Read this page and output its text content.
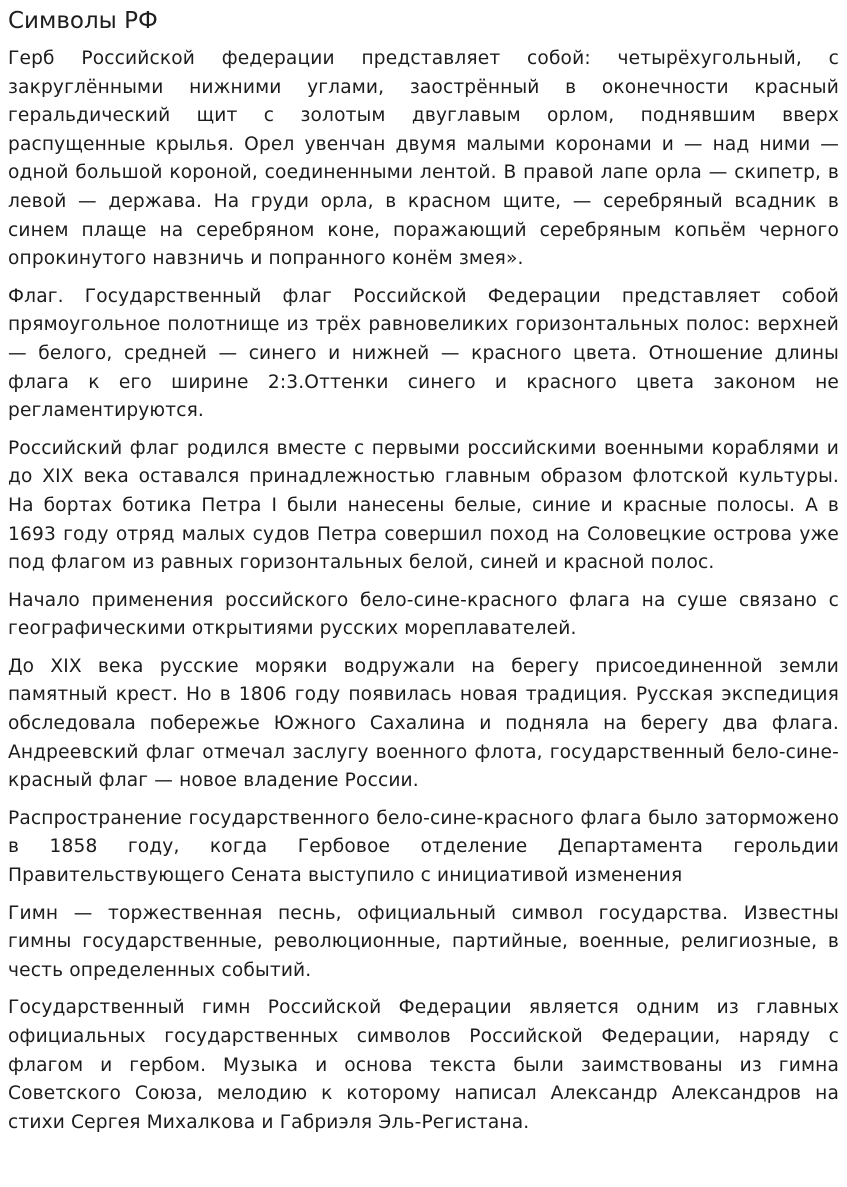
Символы РФ

Герб Российской федерации представляет собой: четырёхугольный, с закруглёнными нижними углами, заострённый в оконечности красный геральдический щит с золотым двуглавым орлом, поднявшим вверх распущенные крылья. Орел увенчан двумя малыми коронами и — над ними — одной большой короной, соединенными лентой. В правой лапе орла — скипетр, в левой — держава. На груди орла, в красном щите, — серебряный всадник в синем плаще на серебряном коне, поражающий серебряным копьём черного опрокинутого навзничь и попранного конём змея».

Флаг. Государственный флаг Российской Федерации представляет собой прямоугольное полотнище из трёх равновеликих горизонтальных полос: верхней — белого, средней — синего и нижней — красного цвета. Отношение длины флага к его ширине 2:3.Оттенки синего и красного цвета законом не регламентируются.

Российский флаг родился вместе с первыми российскими военными кораблями и до XIX века оставался принадлежностью главным образом флотской культуры. На бортах ботика Петра I были нанесены белые, синие и красные полосы. А в 1693 году отряд малых судов Петра совершил поход на Соловецкие острова уже под флагом из равных горизонтальных белой, синей и красной полос.

Начало применения российского бело-сине-красного флага на суше связано с географическими открытиями русских мореплавателей.

До XIX века русские моряки водружали на берегу присоединенной земли памятный крест. Но в 1806 году появилась новая традиция. Русская экспедиция обследовала побережье Южного Сахалина и подняла на берегу два флага. Андреевский флаг отмечал заслугу военного флота, государственный бело-сине-красный флаг — новое владение России.

Распространение государственного бело-сине-красного флага было заторможено в 1858 году, когда Гербовое отделение Департамента герольдии Правительствующего Сената выступило с инициативой изменения

Гимн — торжественная песнь, официальный символ государства. Известны гимны государственные, революционные, партийные, военные, религиозные, в честь определенных событий.

Государственный гимн Российской Федерации является одним из главных официальных государственных символов Российской Федерации, наряду с флагом и гербом. Музыка и основа текста были заимствованы из гимна Советского Союза, мелодию к которому написал Александр Александров на стихи Сергея Михалкова и Габриэля Эль-Регистана.
